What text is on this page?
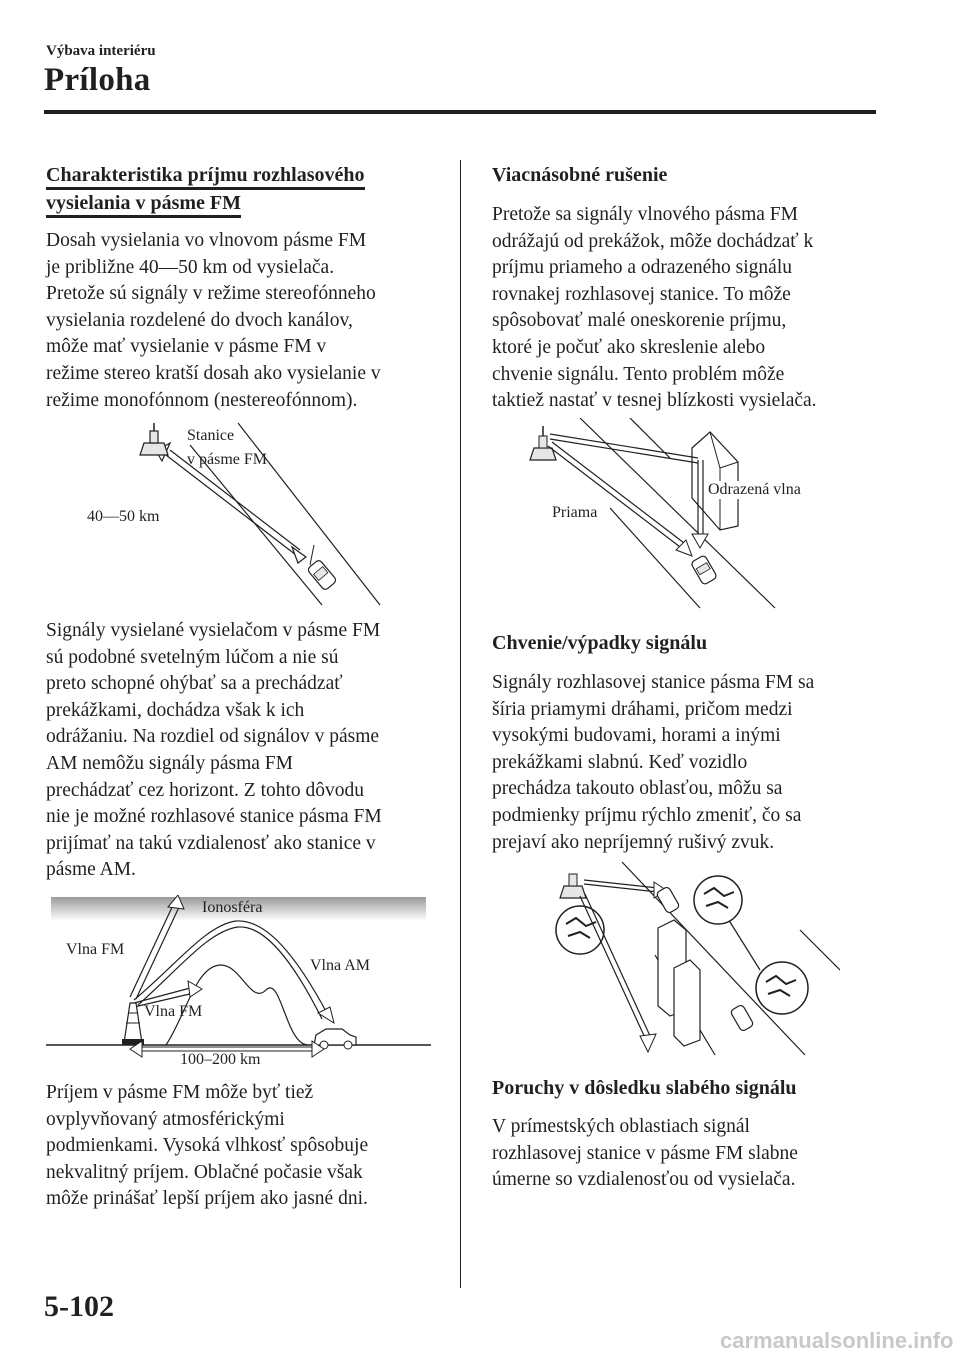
Výbava interiéru
Príloha

Charakteristika príjmu rozhlasového

vysielania v pásme FM

Dosah vysielania vo vlnovom pásme FM
je približne 40―50 km od vysielača.
Pretože sú signály v režime stereofónneho
vysielania rozdelené do dvoch kanálov,
môže mať vysielanie v pásme FM v
režime stereo kratší dosah ako vysielanie v
režime monofónnom (nestereofónnom).
Stanice
v pásme FM
40―50 km
Signály vysielané vysielačom v pásme FM
sú podobné svetelným lúčom a nie sú
preto schopné ohýbať sa a prechádzať
prekážkami, dochádza však k ich
odrážaniu. Na rozdiel od signálov v pásme
AM nemôžu signály pásma FM
prechádzať cez horizont. Z tohto dôvodu
nie je možné rozhlasové stanice pásma FM
prijímať na takú vzdialenosť ako stanice v
pásme AM.
Ionosféra
Vlna FM
Vlna AM
Vlna FM
100–200 km
Príjem v pásme FM môže byť tiež
ovplyvňovaný atmosférickými
podmienkami. Vysoká vlhkosť spôsobuje
nekvalitný príjem. Oblačné počasie však
môže prinášať lepší príjem ako jasné dni.

Viacnásobné rušenie

Pretože sa signály vlnového pásma FM
odrážajú od prekážok, môže dochádzať k
príjmu priameho a odrazeného signálu
rovnakej rozhlasovej stanice. To môže
spôsobovať malé oneskorenie príjmu,
ktoré je počuť ako skreslenie alebo
chvenie signálu. Tento problém môže
taktiež nastať v tesnej blízkosti vysielača.
Odrazená vlna
Priama

Chvenie/výpadky signálu

Signály rozhlasovej stanice pásma FM sa
šíria priamymi dráhami, pričom medzi
vysokými budovami, horami a inými
prekážkami slabnú. Keď vozidlo
prechádza takouto oblasťou, môžu sa
podmienky príjmu rýchlo zmeniť, čo sa
prejaví ako nepríjemný rušivý zvuk.

Poruchy v dôsledku slabého signálu

V prímestských oblastiach signál
rozhlasovej stanice v pásme FM slabne
úmerne so vzdialenosťou od vysielača.
5-102
carmanualsonline.info
